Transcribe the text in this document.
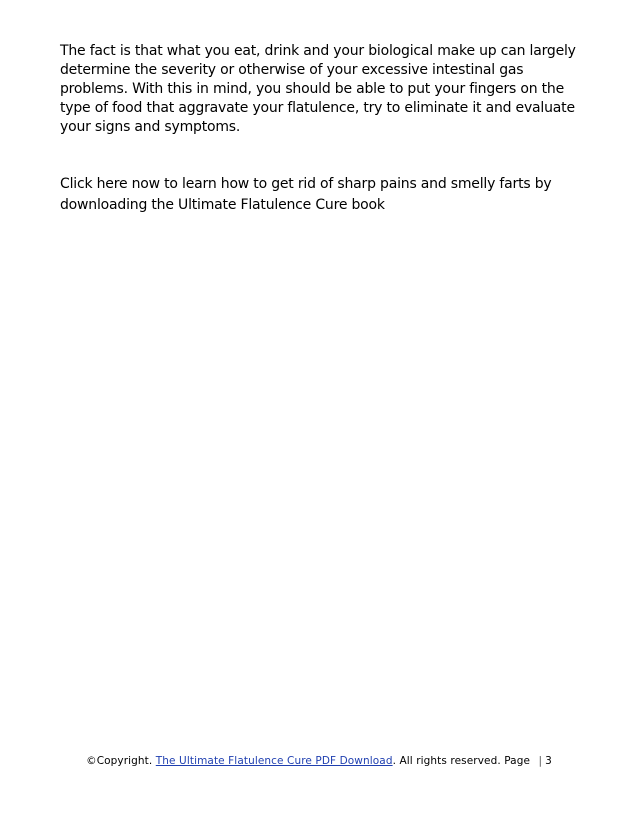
The fact is that what you eat, drink and your biological make up can largely determine the severity or otherwise of your excessive intestinal gas problems. With this in mind, you should be able to put your fingers on the type of food that aggravate your flatulence, try to eliminate it and evaluate your signs and symptoms.

Click here now to learn how to get rid of sharp pains and smelly farts by downloading the Ultimate Flatulence Cure book

©Copyright. The Ultimate Flatulence Cure PDF Download. All rights reserved. Page | 3
